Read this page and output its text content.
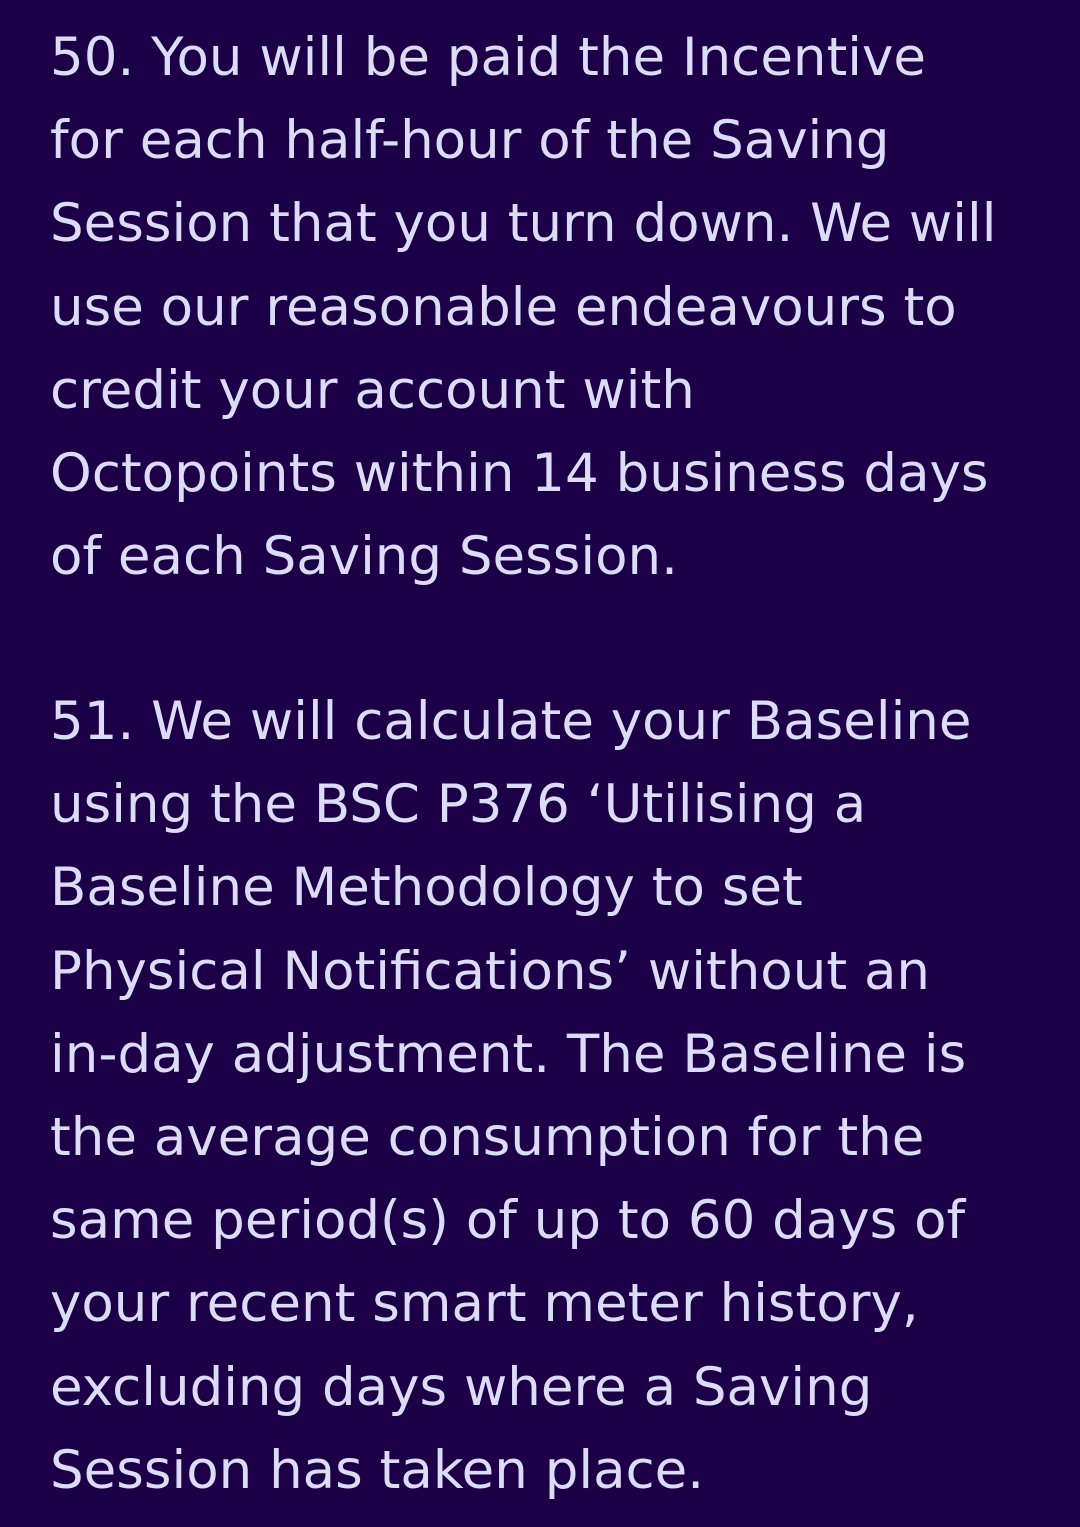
50. You will be paid the Incentive
for each half-hour of the Saving
Session that you turn down. We will
use our reasonable endeavours to
credit your account with
Octopoints within 14 business days
of each Saving Session.

51. We will calculate your Baseline
using the BSC P376 ‘Utilising a
Baseline Methodology to set
Physical Notifications’ without an
in-day adjustment. The Baseline is
the average consumption for the
same period(s) of up to 60 days of
your recent smart meter history,
excluding days where a Saving
Session has taken place.
